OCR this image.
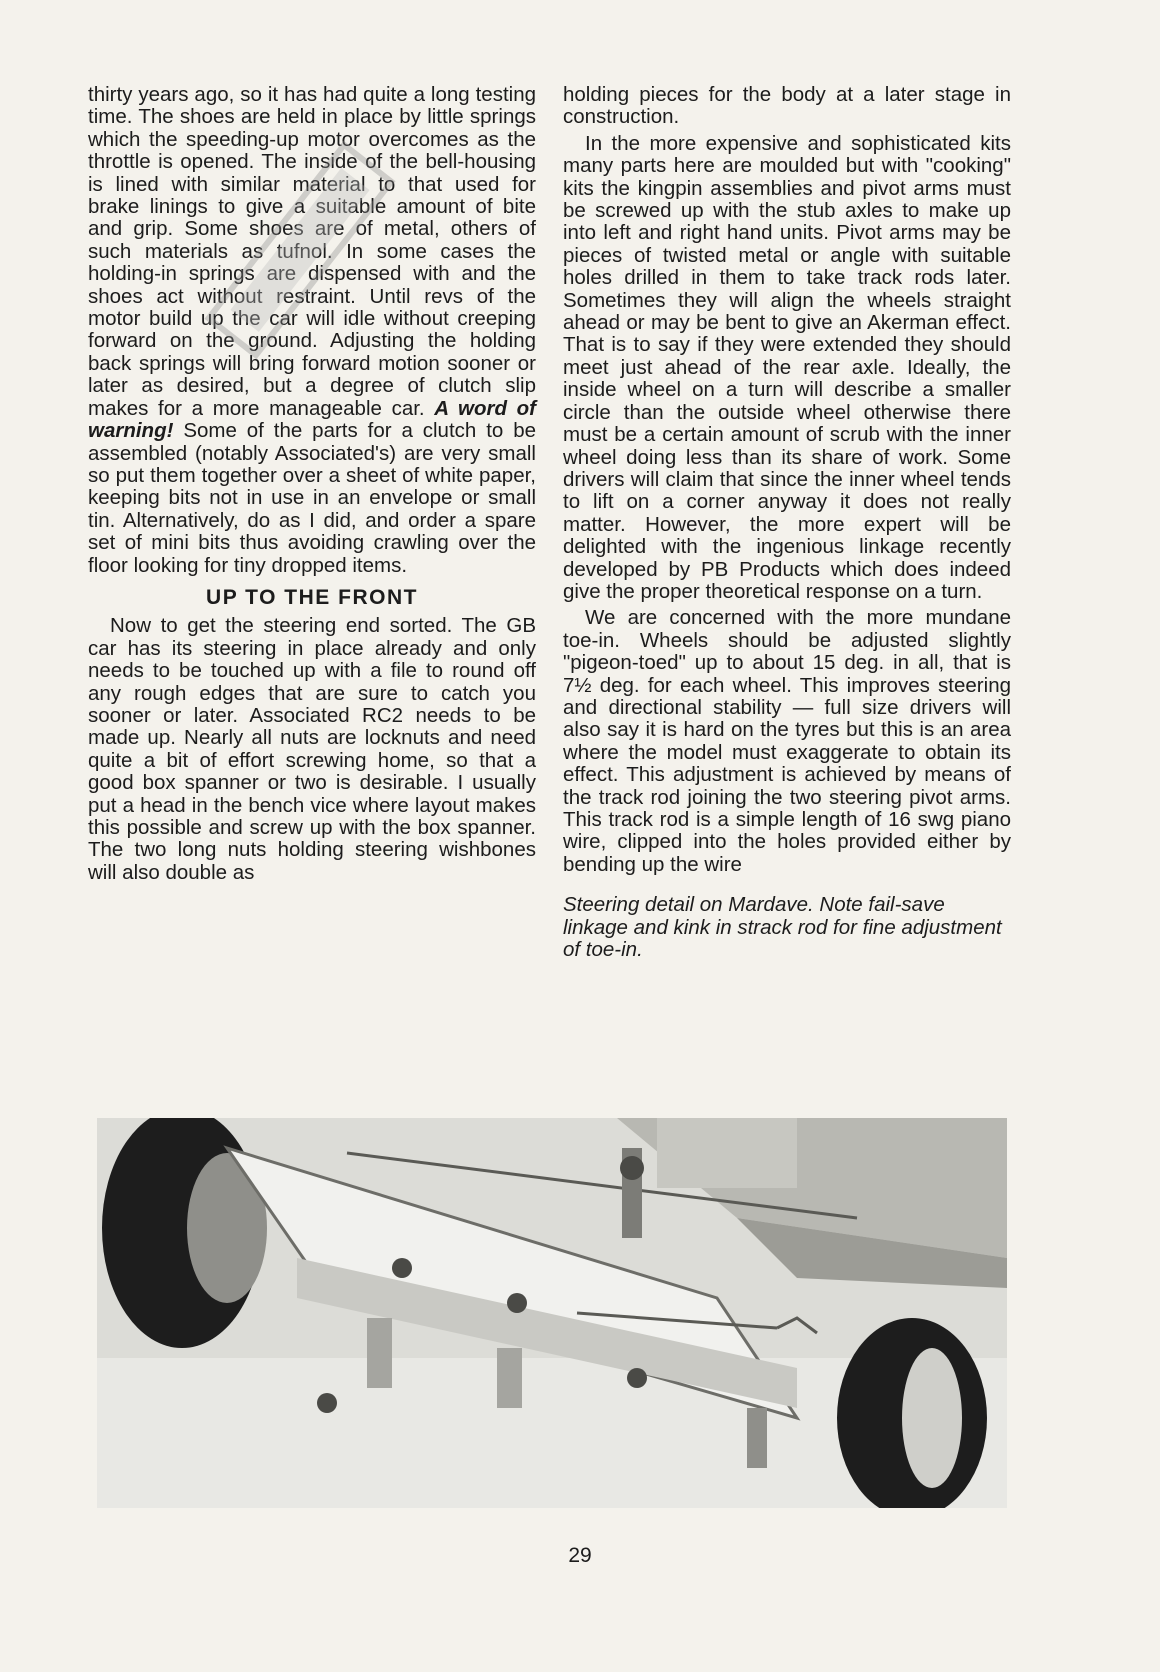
thirty years ago, so it has had quite a long testing time. The shoes are held in place by little springs which the speeding-up motor overcomes as the throttle is opened. The inside of the bell-housing is lined with similar material to that used for brake linings to give a suitable amount of bite and grip. Some shoes are of metal, others of such materials as tufnol. In some cases the holding-in springs are dispensed with and the shoes act without restraint. Until revs of the motor build up the car will idle without creeping forward on the ground. Adjusting the holding back springs will bring forward motion sooner or later as desired, but a degree of clutch slip makes for a more manageable car. A word of warning! Some of the parts for a clutch to be assembled (notably Associated's) are very small so put them together over a sheet of white paper, keeping bits not in use in an envelope or small tin. Alternatively, do as I did, and order a spare set of mini bits thus avoiding crawling over the floor looking for tiny dropped items.

UP TO THE FRONT

Now to get the steering end sorted. The GB car has its steering in place already and only needs to be touched up with a file to round off any rough edges that are sure to catch you sooner or later. Associated RC2 needs to be made up. Nearly all nuts are locknuts and need quite a bit of effort screwing home, so that a good box spanner or two is desirable. I usually put a head in the bench vice where layout makes this possible and screw up with the box spanner. The two long nuts holding steering wishbones will also double as

holding pieces for the body at a later stage in construction.

In the more expensive and sophisticated kits many parts here are moulded but with "cooking" kits the kingpin assemblies and pivot arms must be screwed up with the stub axles to make up into left and right hand units. Pivot arms may be pieces of twisted metal or angle with suitable holes drilled in them to take track rods later. Sometimes they will align the wheels straight ahead or may be bent to give an Akerman effect. That is to say if they were extended they should meet just ahead of the rear axle. Ideally, the inside wheel on a turn will describe a smaller circle than the outside wheel otherwise there must be a certain amount of scrub with the inner wheel doing less than its share of work. Some drivers will claim that since the inner wheel tends to lift on a corner anyway it does not really matter. However, the more expert will be delighted with the ingenious linkage recently developed by PB Products which does indeed give the proper theoretical response on a turn.

We are concerned with the more mundane toe-in. Wheels should be adjusted slightly "pigeon-toed" up to about 15 deg. in all, that is 7½ deg. for each wheel. This improves steering and directional stability — full size drivers will also say it is hard on the tyres but this is an area where the model must exaggerate to obtain its effect. This adjustment is achieved by means of the track rod joining the two steering pivot arms. This track rod is a simple length of 16 swg piano wire, clipped into the holes provided either by bending up the wire

Steering detail on Mardave. Note fail-save linkage and kink in strack rod for fine adjustment of toe-in.
29
